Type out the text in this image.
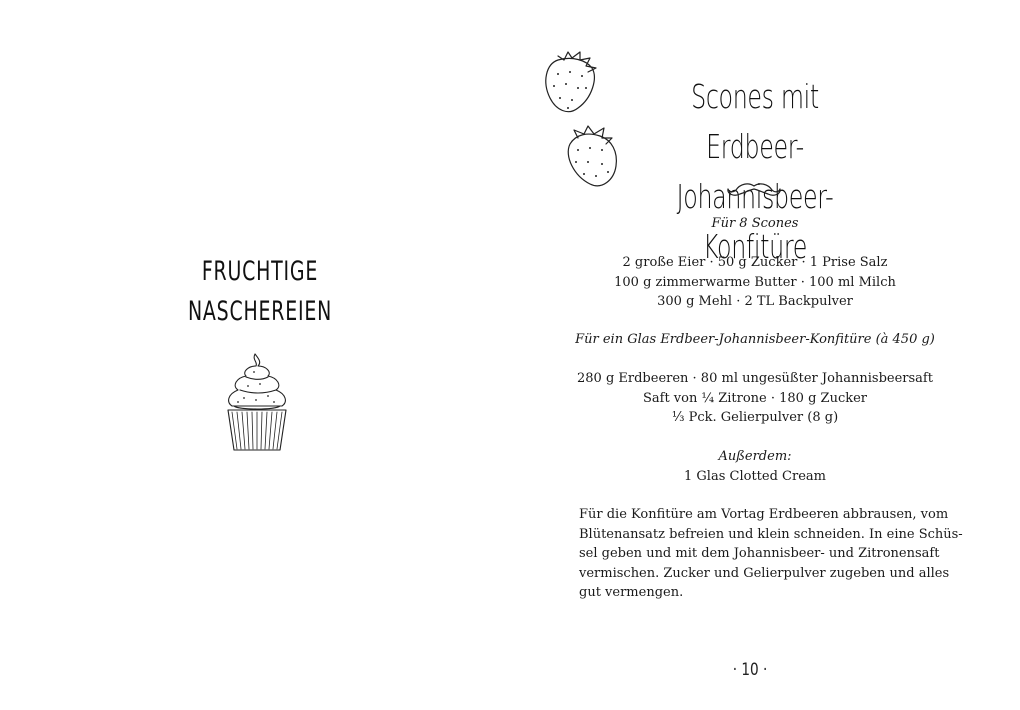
FRUCHTIGE
NASCHEREIEN
Scones mit Erdbeer-
Johannisbeer-Konfitüre
Für 8 Scones
2 große Eier · 50 g Zucker · 1 Prise Salz
100 g zimmerwarme Butter · 100 ml Milch
300 g Mehl · 2 TL Backpulver
Für ein Glas Erdbeer-Johannisbeer-Konfitüre (à 450 g)
280 g Erdbeeren · 80 ml ungesüßter Johannisbeersaft
Saft von ¼ Zitrone · 180 g Zucker
⅓ Pck. Gelierpulver (8 g)
Außerdem:
1 Glas Clotted Cream
Für die Konfitüre am Vortag Erdbeeren abbrausen, vom
Blütenansatz befreien und klein schneiden. In eine Schüs-
sel geben und mit dem Johannisbeer- und Zitronensaft
vermischen. Zucker und Gelierpulver zugeben und alles
gut vermengen.
· 10 ·
